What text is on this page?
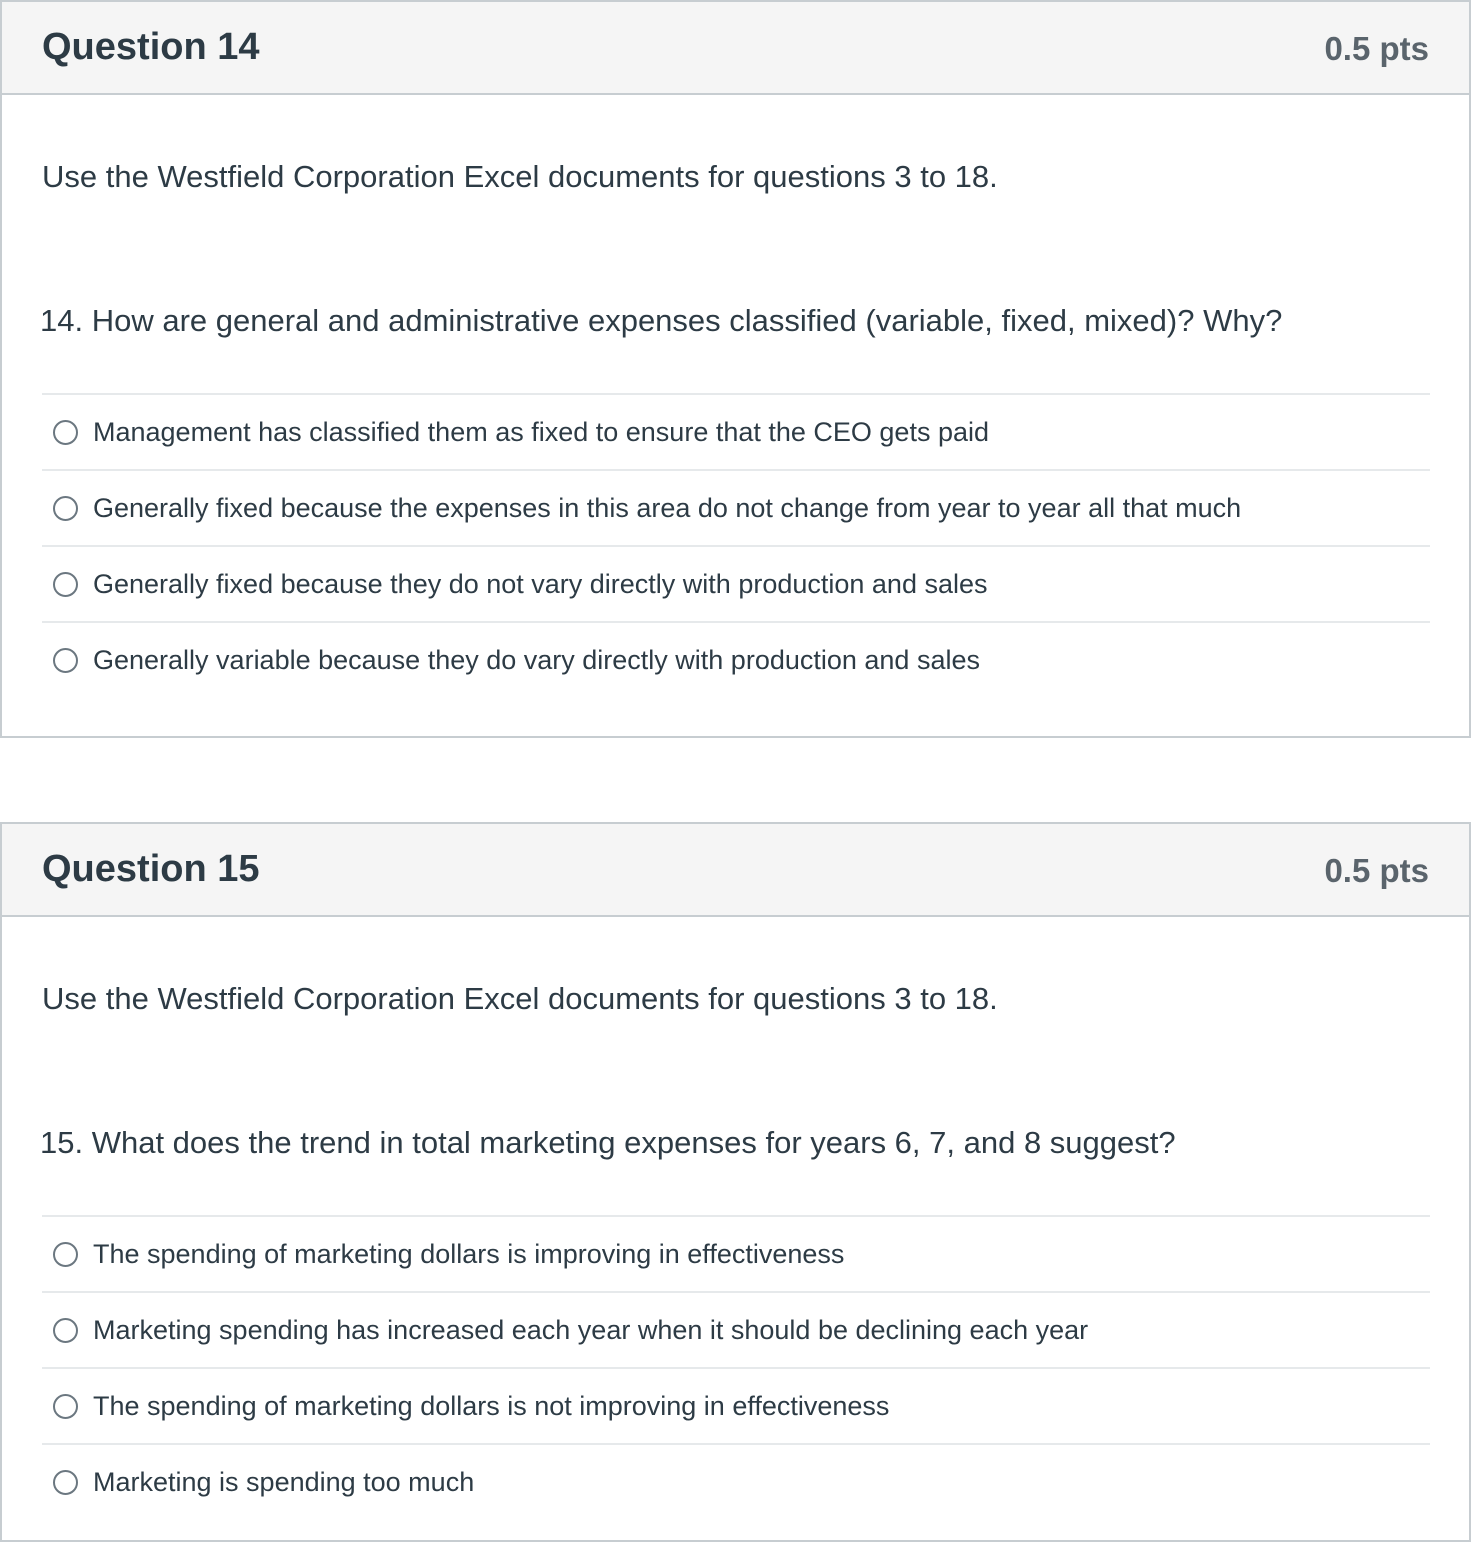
Question 14	0.5 pts
Use the Westfield Corporation Excel documents for questions 3 to 18.
14. How are general and administrative expenses classified (variable, fixed, mixed)? Why?
Management has classified them as fixed to ensure that the CEO gets paid
Generally fixed because the expenses in this area do not change from year to year all that much
Generally fixed because they do not vary directly with production and sales
Generally variable because they do vary directly with production and sales
Question 15	0.5 pts
Use the Westfield Corporation Excel documents for questions 3 to 18.
15. What does the trend in total marketing expenses for years 6, 7, and 8 suggest?
The spending of marketing dollars is improving in effectiveness
Marketing spending has increased each year when it should be declining each year
The spending of marketing dollars is not improving in effectiveness
Marketing is spending too much
